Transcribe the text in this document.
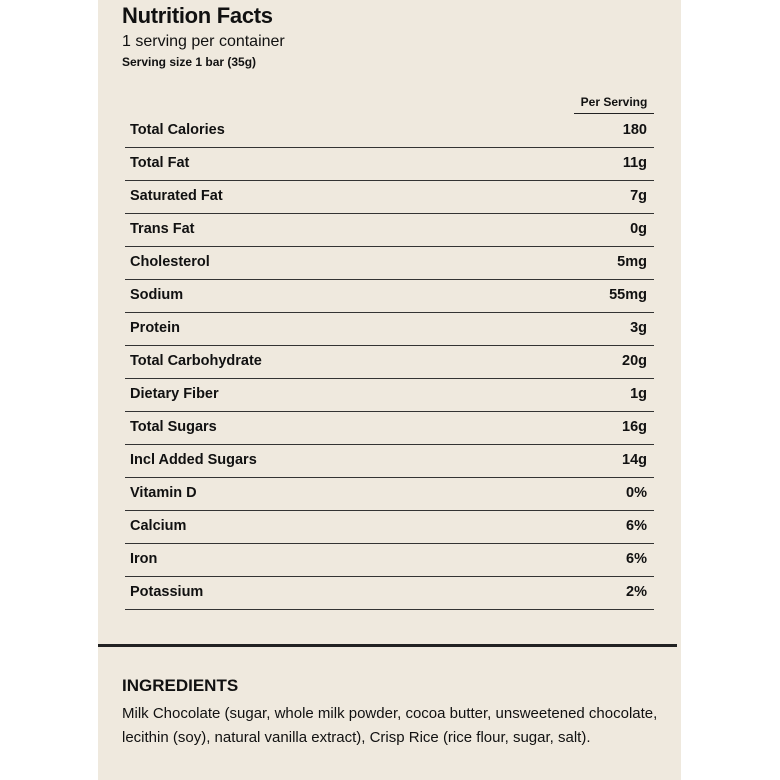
Nutrition Facts
1 serving per container
Serving size 1 bar (35g)
Per Serving
Total Calories	180
Total Fat	11g
Saturated Fat	7g
Trans Fat	0g
Cholesterol	5mg
Sodium	55mg
Protein	3g
Total Carbohydrate	20g
Dietary Fiber	1g
Total Sugars	16g
Incl Added Sugars	14g
Vitamin D	0%
Calcium	6%
Iron	6%
Potassium	2%
INGREDIENTS
Milk Chocolate (sugar, whole milk powder, cocoa butter, unsweetened chocolate, lecithin (soy), natural vanilla extract), Crisp Rice (rice flour, sugar, salt).
